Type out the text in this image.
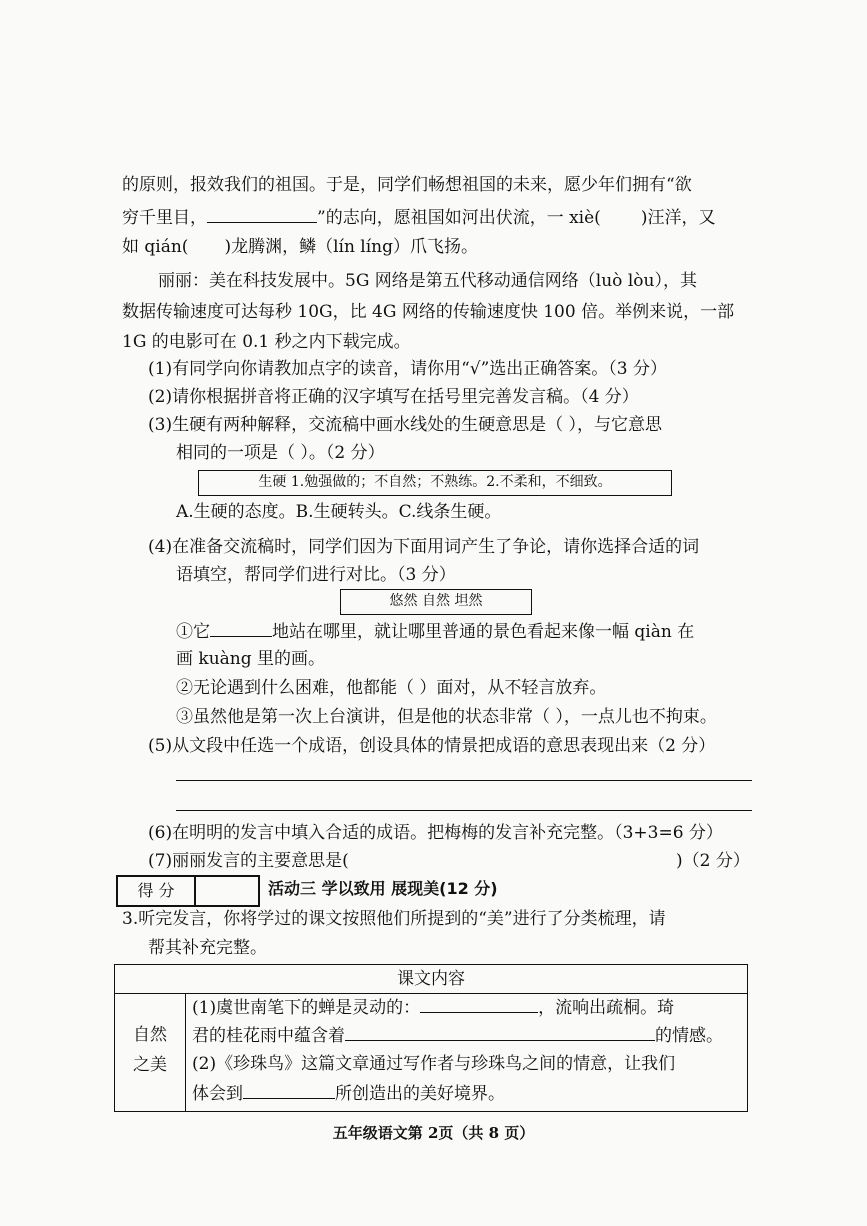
的原则，报效我们的祖国。于是，同学们畅想祖国的未来，愿少年们拥有“欲
穷千里目，	”的志向，愿祖国如河出伏流，一 xiè( )汪洋，又
如 qián( )龙腾渊，鳞（lín líng）爪飞扬。
丽丽：美在科技发展中。5G 网络是第五代移动通信网络（luò lòu），其
数据传输速度可达每秒 10G，比 4G 网络的传输速度快 100 倍。举例来说，一部
1G 的电影可在 0.1 秒之内下载完成。
(1)有同学向你请教加点字的读音，请你用“√”选出正确答案。（3 分）
(2)请你根据拼音将正确的汉字填写在括号里完善发言稿。（4 分）
(3)生硬有两种解释，交流稿中画水线处的生硬意思是（ ），与它意思
相同的一项是（ ）。（2 分）
生硬 1.勉强做的；不自然；不熟练。2.不柔和，不细致。
A.生硬的态度。B.生硬转头。C.线条生硬。
(4)在准备交流稿时，同学们因为下面用词产生了争论，请你选择合适的词
语填空，帮同学们进行对比。（3 分）
悠然 自然 坦然
①它	地站在哪里，就让哪里普通的景色看起来像一幅 qiàn 在
画 kuàng 里的画。
②无论遇到什么困难，他都能（ ）面对，从不轻言放弃。
③虽然他是第一次上台演讲，但是他的状态非常（ ），一点儿也不拘束。
(5)从文段中任选一个成语，创设具体的情景把成语的意思表现出来（2 分）
(6)在明明的发言中填入合适的成语。把梅梅的发言补充完整。（3+3=6 分）
(7)丽丽发言的主要意思是(	)（2 分）
得 分	活动三 学以致用 展现美(12 分)
3.听完发言，你将学过的课文按照他们所提到的“美”进行了分类梳理，请
帮其补充完整。
课文内容
自然
之美
(1)虞世南笔下的蝉是灵动的：	，流响出疏桐。琦
君的桂花雨中蕴含着	的情感。
(2)《珍珠鸟》这篇文章通过写作者与珍珠鸟之间的情意，让我们
体会到	所创造出的美好境界。
五年级语文第 2页（共 8 页）
